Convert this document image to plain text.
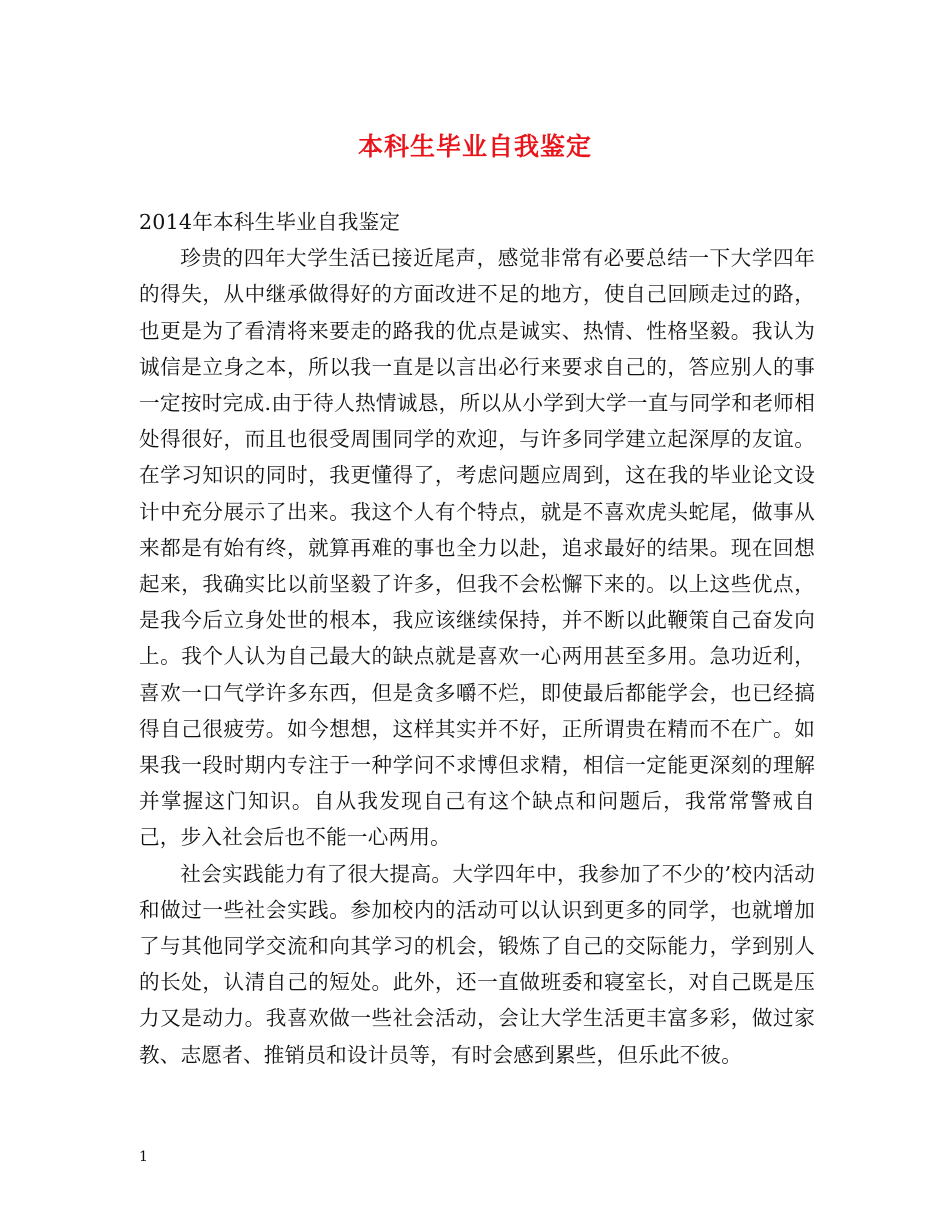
本科生毕业自我鉴定

2014年本科生毕业自我鉴定

珍贵的四年大学生活已接近尾声，感觉非常有必要总结一下大学四年的得失，从中继承做得好的方面改进不足的地方，使自己回顾走过的路，也更是为了看清将来要走的路我的优点是诚实、热情、性格坚毅。我认为诚信是立身之本，所以我一直是以言出必行来要求自己的，答应别人的事一定按时完成.由于待人热情诚恳，所以从小学到大学一直与同学和老师相处得很好，而且也很受周围同学的欢迎，与许多同学建立起深厚的友谊。在学习知识的同时，我更懂得了，考虑问题应周到，这在我的毕业论文设计中充分展示了出来。我这个人有个特点，就是不喜欢虎头蛇尾，做事从来都是有始有终，就算再难的事也全力以赴，追求最好的结果。现在回想起来，我确实比以前坚毅了许多，但我不会松懈下来的。以上这些优点，是我今后立身处世的根本，我应该继续保持，并不断以此鞭策自己奋发向上。我个人认为自己最大的缺点就是喜欢一心两用甚至多用。急功近利，喜欢一口气学许多东西，但是贪多嚼不烂，即使最后都能学会，也已经搞得自己很疲劳。如今想想，这样其实并不好，正所谓贵在精而不在广。如果我一段时期内专注于一种学问不求博但求精，相信一定能更深刻的理解并掌握这门知识。自从我发现自己有这个缺点和问题后，我常常警戒自己，步入社会后也不能一心两用。

社会实践能力有了很大提高。大学四年中，我参加了不少的’校内活动和做过一些社会实践。参加校内的活动可以认识到更多的同学，也就增加了与其他同学交流和向其学习的机会，锻炼了自己的交际能力，学到别人的长处，认清自己的短处。此外，还一直做班委和寝室长，对自己既是压力又是动力。我喜欢做一些社会活动，会让大学生活更丰富多彩，做过家教、志愿者、推销员和设计员等，有时会感到累些，但乐此不彼。

1
